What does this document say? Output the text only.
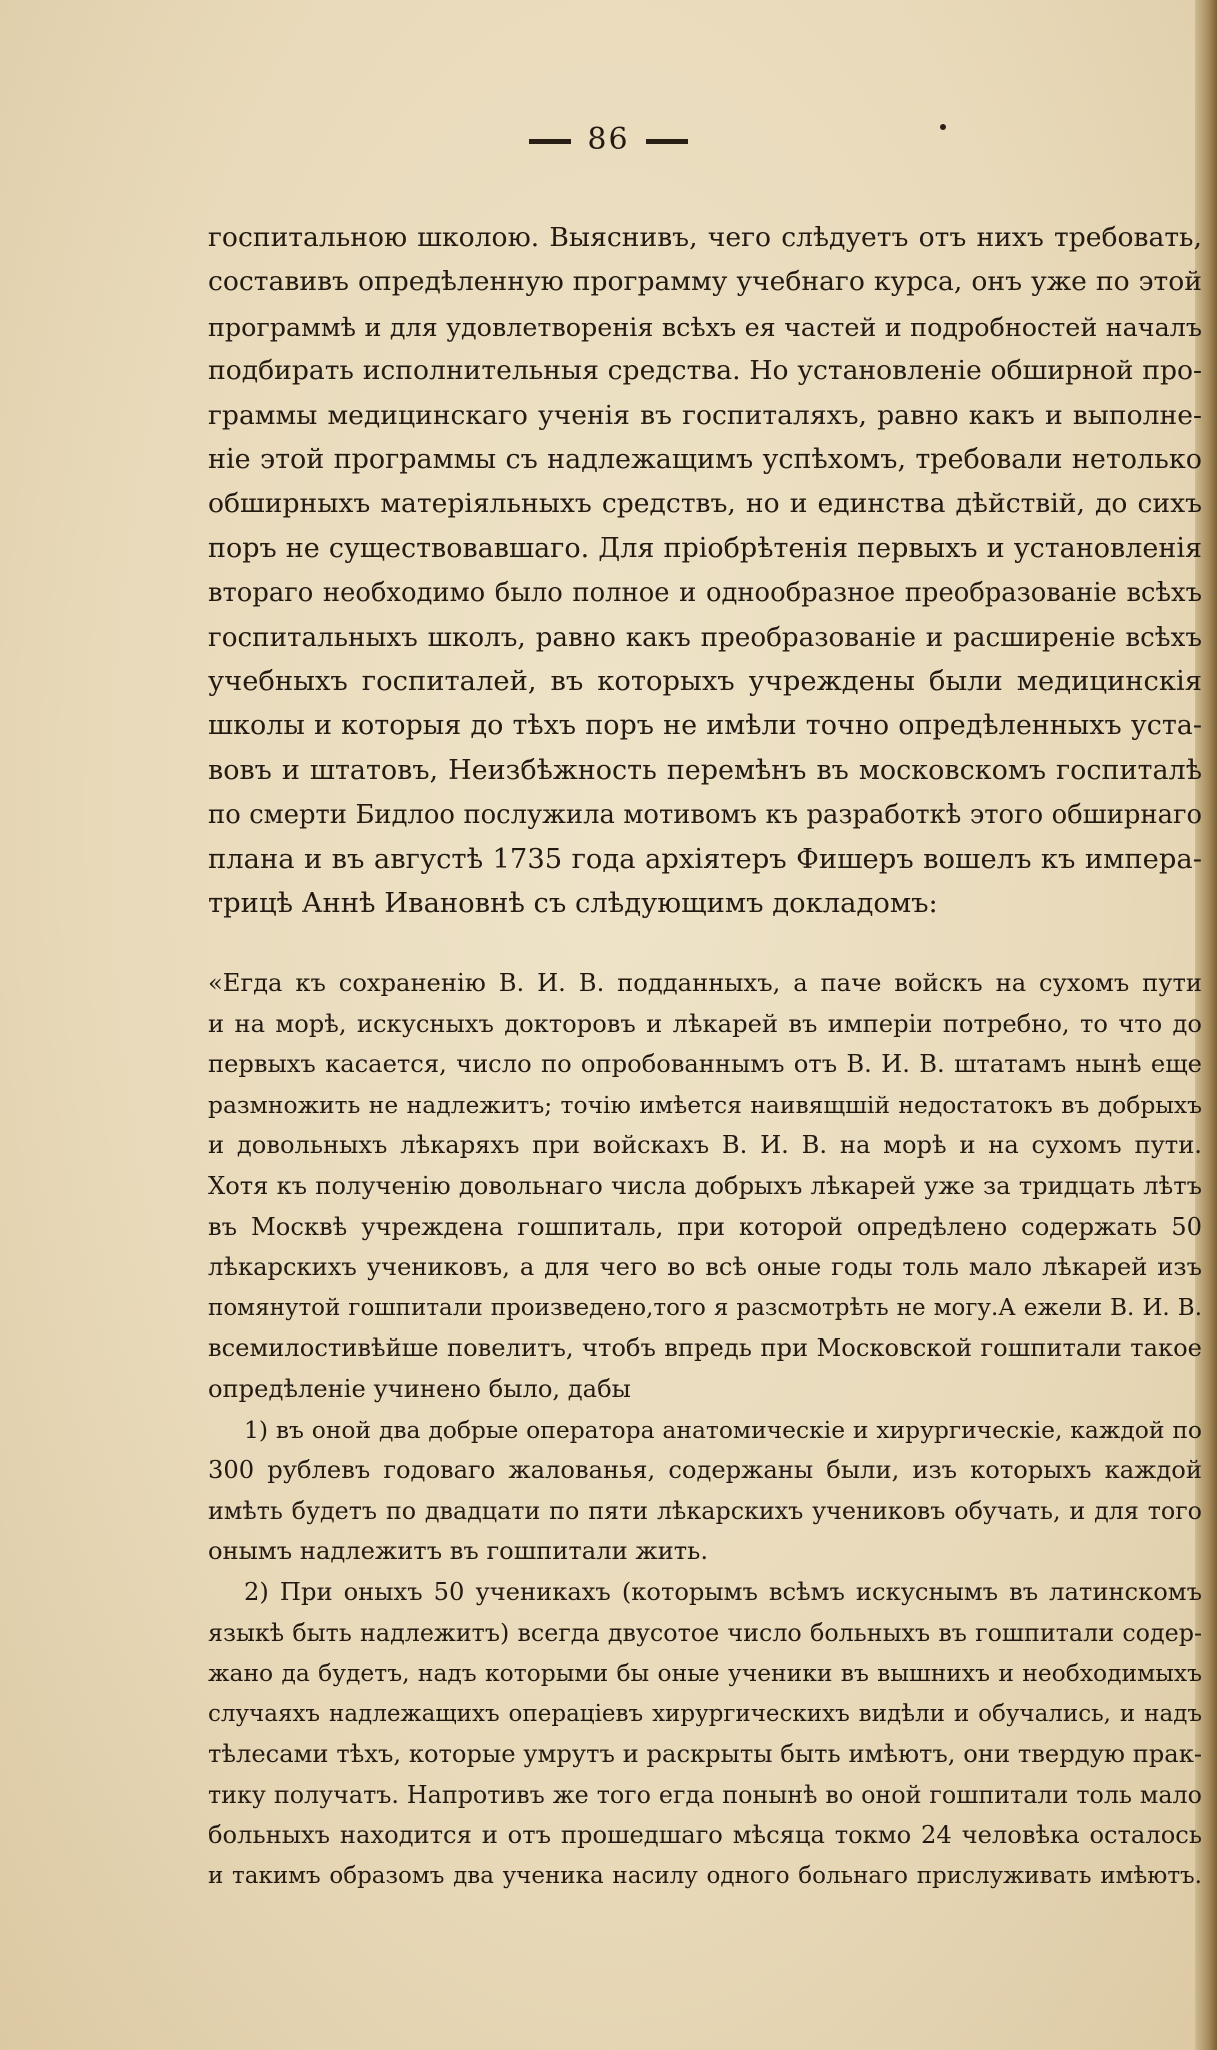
86
госпитальною школою. Выяснивъ, чего слѣдуетъ отъ нихъ требовать,
составивъ опредѣленную программу учебнаго курса, онъ уже по этой
программѣ и для удовлетворенія всѣхъ ея частей и подробностей началъ
подбирать исполнительныя средства. Но установленіе обширной про-
граммы медицинскаго ученія въ госпиталяхъ, равно какъ и выполне-
ніе этой программы съ надлежащимъ успѣхомъ, требовали нетолько
обширныхъ матеріяльныхъ средствъ, но и единства дѣйствій, до сихъ
поръ не существовавшаго. Для пріобрѣтенія первыхъ и установленія
втораго необходимо было полное и однообразное преобразованіе всѣхъ
госпитальныхъ школъ, равно какъ преобразованіе и расширеніе всѣхъ
учебныхъ госпиталей, въ которыхъ учреждены были медицинскія
школы и которыя до тѣхъ поръ не имѣли точно опредѣленныхъ уста-
вовъ и штатовъ, Неизбѣжность перемѣнъ въ московскомъ госпиталѣ
по смерти Бидлоо послужила мотивомъ къ разработкѣ этого обширнаго
плана и въ августѣ 1735 года архіятеръ Фишеръ вошелъ къ импера-
трицѣ Аннѣ Ивановнѣ съ слѣдующимъ докладомъ:
«Егда къ сохраненію В. И. В. подданныхъ, а паче войскъ на сухомъ пути
и на морѣ, искусныхъ докторовъ и лѣкарей въ имперіи потребно, то что до
первыхъ касается, число по опробованнымъ отъ В. И. В. штатамъ нынѣ еще
размножить не надлежитъ; точію имѣется наивящшій недостатокъ въ добрыхъ
и довольныхъ лѣкаряхъ при войскахъ В. И. В. на морѣ и на сухомъ пути.
Хотя къ полученію довольнаго числа добрыхъ лѣкарей уже за тридцать лѣтъ
въ Москвѣ учреждена гошпиталь, при которой опредѣлено содержать 50
лѣкарскихъ учениковъ, а для чего во всѣ оные годы толь мало лѣкарей изъ
помянутой гошпитали произведено,того я разсмотрѣть не могу.А ежели В. И. В.
всемилостивѣйше повелитъ, чтобъ впредь при Московской гошпитали такое
опредѣленіе учинено было, дабы
1) въ оной два добрые оператора анатомическіе и хирургическіе, каждой по
300 рублевъ годоваго жалованья, содержаны были, изъ которыхъ каждой
имѣть будетъ по двадцати по пяти лѣкарскихъ учениковъ обучать, и для того
онымъ надлежитъ въ гошпитали жить.
2) При оныхъ 50 ученикахъ (которымъ всѣмъ искуснымъ въ латинскомъ
языкѣ быть надлежитъ) всегда двусотое число больныхъ въ гошпитали содер-
жано да будетъ, надъ которыми бы оные ученики въ вышнихъ и необходимыхъ
случаяхъ надлежащихъ операціевъ хирургическихъ видѣли и обучались, и надъ
тѣлесами тѣхъ, которые умрутъ и раскрыты быть имѣютъ, они твердую прак-
тику получатъ. Напротивъ же того егда понынѣ во оной гошпитали толь мало
больныхъ находится и отъ прошедшаго мѣсяца токмо 24 человѣка осталось
и такимъ образомъ два ученика насилу одного больнаго прислуживать имѣютъ.
